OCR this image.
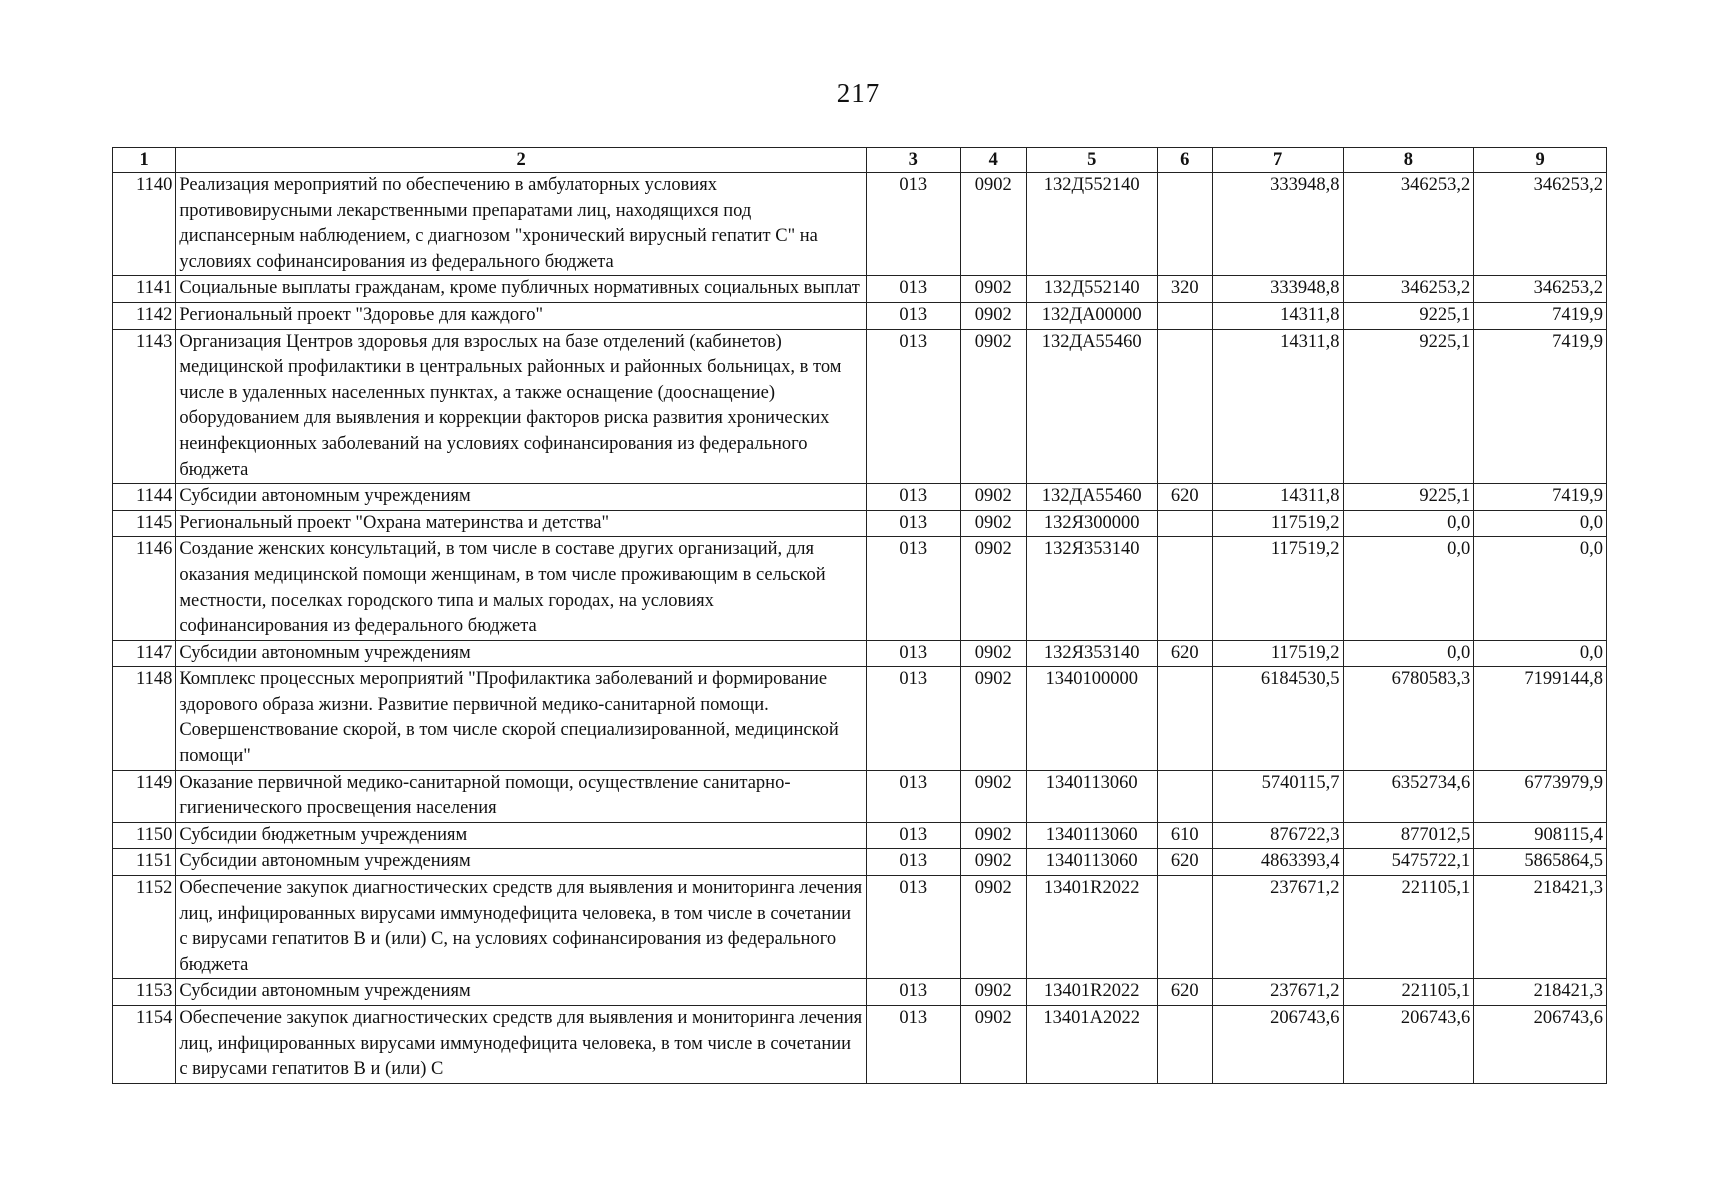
217
1	2	3	4	5	6	7	8	9
1140	Реализация мероприятий по обеспечению в амбулаторных условиях противовирусными лекарственными препаратами лиц, находящихся под диспансерным наблюдением, с диагнозом "хронический вирусный гепатит С" на условиях софинансирования из федерального бюджета	013	0902	132Д552140		333948,8	346253,2	346253,2
1141	Социальные выплаты гражданам, кроме публичных нормативных социальных выплат	013	0902	132Д552140	320	333948,8	346253,2	346253,2
1142	Региональный проект "Здоровье для каждого"	013	0902	132ДА00000		14311,8	9225,1	7419,9
1143	Организация Центров здоровья для взрослых на базе отделений (кабинетов) медицинской профилактики в центральных районных и районных больницах, в том числе в удаленных населенных пунктах, а также оснащение (дооснащение) оборудованием для выявления и коррекции факторов риска развития хронических неинфекционных заболеваний на условиях софинансирования из федерального бюджета	013	0902	132ДА55460		14311,8	9225,1	7419,9
1144	Субсидии автономным учреждениям	013	0902	132ДА55460	620	14311,8	9225,1	7419,9
1145	Региональный проект "Охрана материнства и детства"	013	0902	132Я300000		117519,2	0,0	0,0
1146	Создание женских консультаций, в том числе в составе других организаций, для оказания медицинской помощи женщинам, в том числе проживающим в сельской местности, поселках городского типа и малых городах, на условиях софинансирования из федерального бюджета	013	0902	132Я353140		117519,2	0,0	0,0
1147	Субсидии автономным учреждениям	013	0902	132Я353140	620	117519,2	0,0	0,0
1148	Комплекс процессных мероприятий "Профилактика заболеваний и формирование здорового образа жизни. Развитие первичной медико-санитарной помощи. Совершенствование скорой, в том числе скорой специализированной, медицинской помощи"	013	0902	1340100000		6184530,5	6780583,3	7199144,8
1149	Оказание первичной медико-санитарной помощи, осуществление санитарно-гигиенического просвещения населения	013	0902	1340113060		5740115,7	6352734,6	6773979,9
1150	Субсидии бюджетным учреждениям	013	0902	1340113060	610	876722,3	877012,5	908115,4
1151	Субсидии автономным учреждениям	013	0902	1340113060	620	4863393,4	5475722,1	5865864,5
1152	Обеспечение закупок диагностических средств для выявления и мониторинга лечения лиц, инфицированных вирусами иммунодефицита человека, в том числе в сочетании с вирусами гепатитов В и (или) С, на условиях софинансирования из федерального бюджета	013	0902	13401R2022		237671,2	221105,1	218421,3
1153	Субсидии автономным учреждениям	013	0902	13401R2022	620	237671,2	221105,1	218421,3
1154	Обеспечение закупок диагностических средств для выявления и мониторинга лечения лиц, инфицированных вирусами иммунодефицита человека, в том числе в сочетании с вирусами гепатитов В и (или) С	013	0902	13401А2022		206743,6	206743,6	206743,6
